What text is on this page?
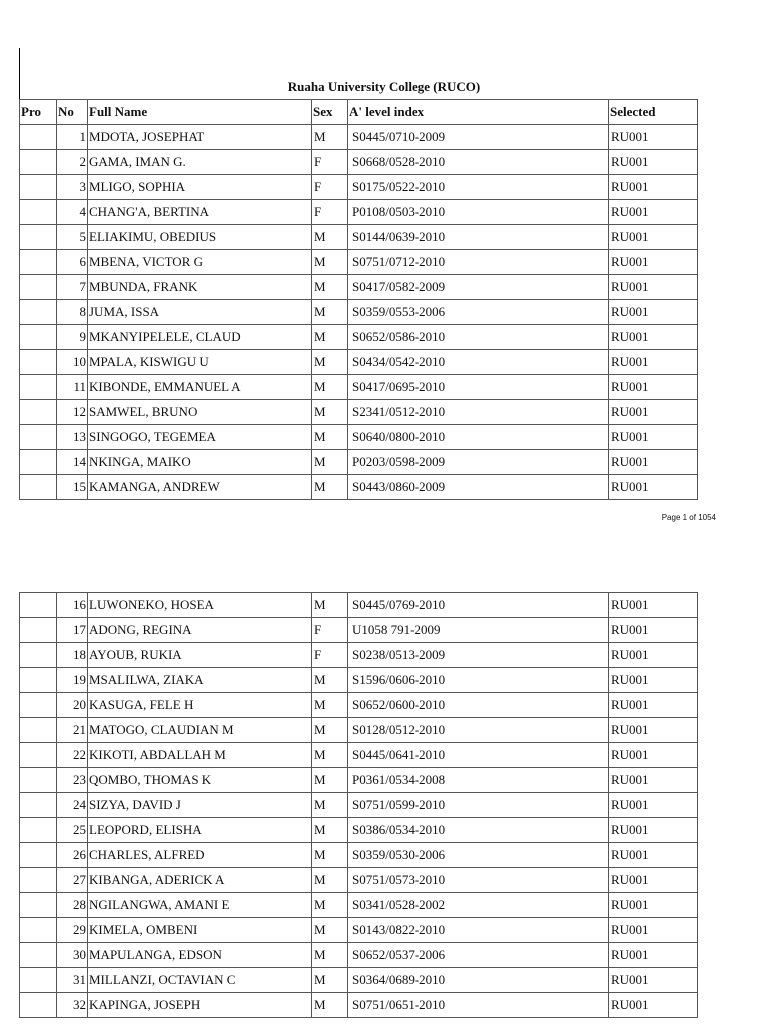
Ruaha University College (RUCO)
Pro	No	Full Name	Sex	A' level index	Selected
	1	MDOTA, JOSEPHAT	M	S0445/0710-2009	RU001
	2	GAMA, IMAN G.	F	S0668/0528-2010	RU001
	3	MLIGO, SOPHIA	F	S0175/0522-2010	RU001
	4	CHANG'A, BERTINA	F	P0108/0503-2010	RU001
	5	ELIAKIMU, OBEDIUS	M	S0144/0639-2010	RU001
	6	MBENA, VICTOR G	M	S0751/0712-2010	RU001
	7	MBUNDA, FRANK	M	S0417/0582-2009	RU001
	8	JUMA, ISSA	M	S0359/0553-2006	RU001
	9	MKANYIPELELE, CLAUD	M	S0652/0586-2010	RU001
	10	MPALA, KISWIGU U	M	S0434/0542-2010	RU001
	11	KIBONDE, EMMANUEL A	M	S0417/0695-2010	RU001
	12	SAMWEL, BRUNO	M	S2341/0512-2010	RU001
	13	SINGOGO, TEGEMEA	M	S0640/0800-2010	RU001
	14	NKINGA, MAIKO	M	P0203/0598-2009	RU001
	15	KAMANGA, ANDREW	M	S0443/0860-2009	RU001
Page 1 of 1054
	16	LUWONEKO, HOSEA	M	S0445/0769-2010	RU001
	17	ADONG, REGINA	F	U1058 791-2009	RU001
	18	AYOUB, RUKIA	F	S0238/0513-2009	RU001
	19	MSALILWA, ZIAKA	M	S1596/0606-2010	RU001
	20	KASUGA, FELE H	M	S0652/0600-2010	RU001
	21	MATOGO, CLAUDIAN M	M	S0128/0512-2010	RU001
	22	KIKOTI, ABDALLAH M	M	S0445/0641-2010	RU001
	23	QOMBO, THOMAS K	M	P0361/0534-2008	RU001
	24	SIZYA, DAVID J	M	S0751/0599-2010	RU001
	25	LEOPORD, ELISHA	M	S0386/0534-2010	RU001
	26	CHARLES, ALFRED	M	S0359/0530-2006	RU001
	27	KIBANGA, ADERICK A	M	S0751/0573-2010	RU001
	28	NGILANGWA, AMANI E	M	S0341/0528-2002	RU001
	29	KIMELA, OMBENI	M	S0143/0822-2010	RU001
	30	MAPULANGA, EDSON	M	S0652/0537-2006	RU001
	31	MILLANZI, OCTAVIAN C	M	S0364/0689-2010	RU001
	32	KAPINGA, JOSEPH	M	S0751/0651-2010	RU001
